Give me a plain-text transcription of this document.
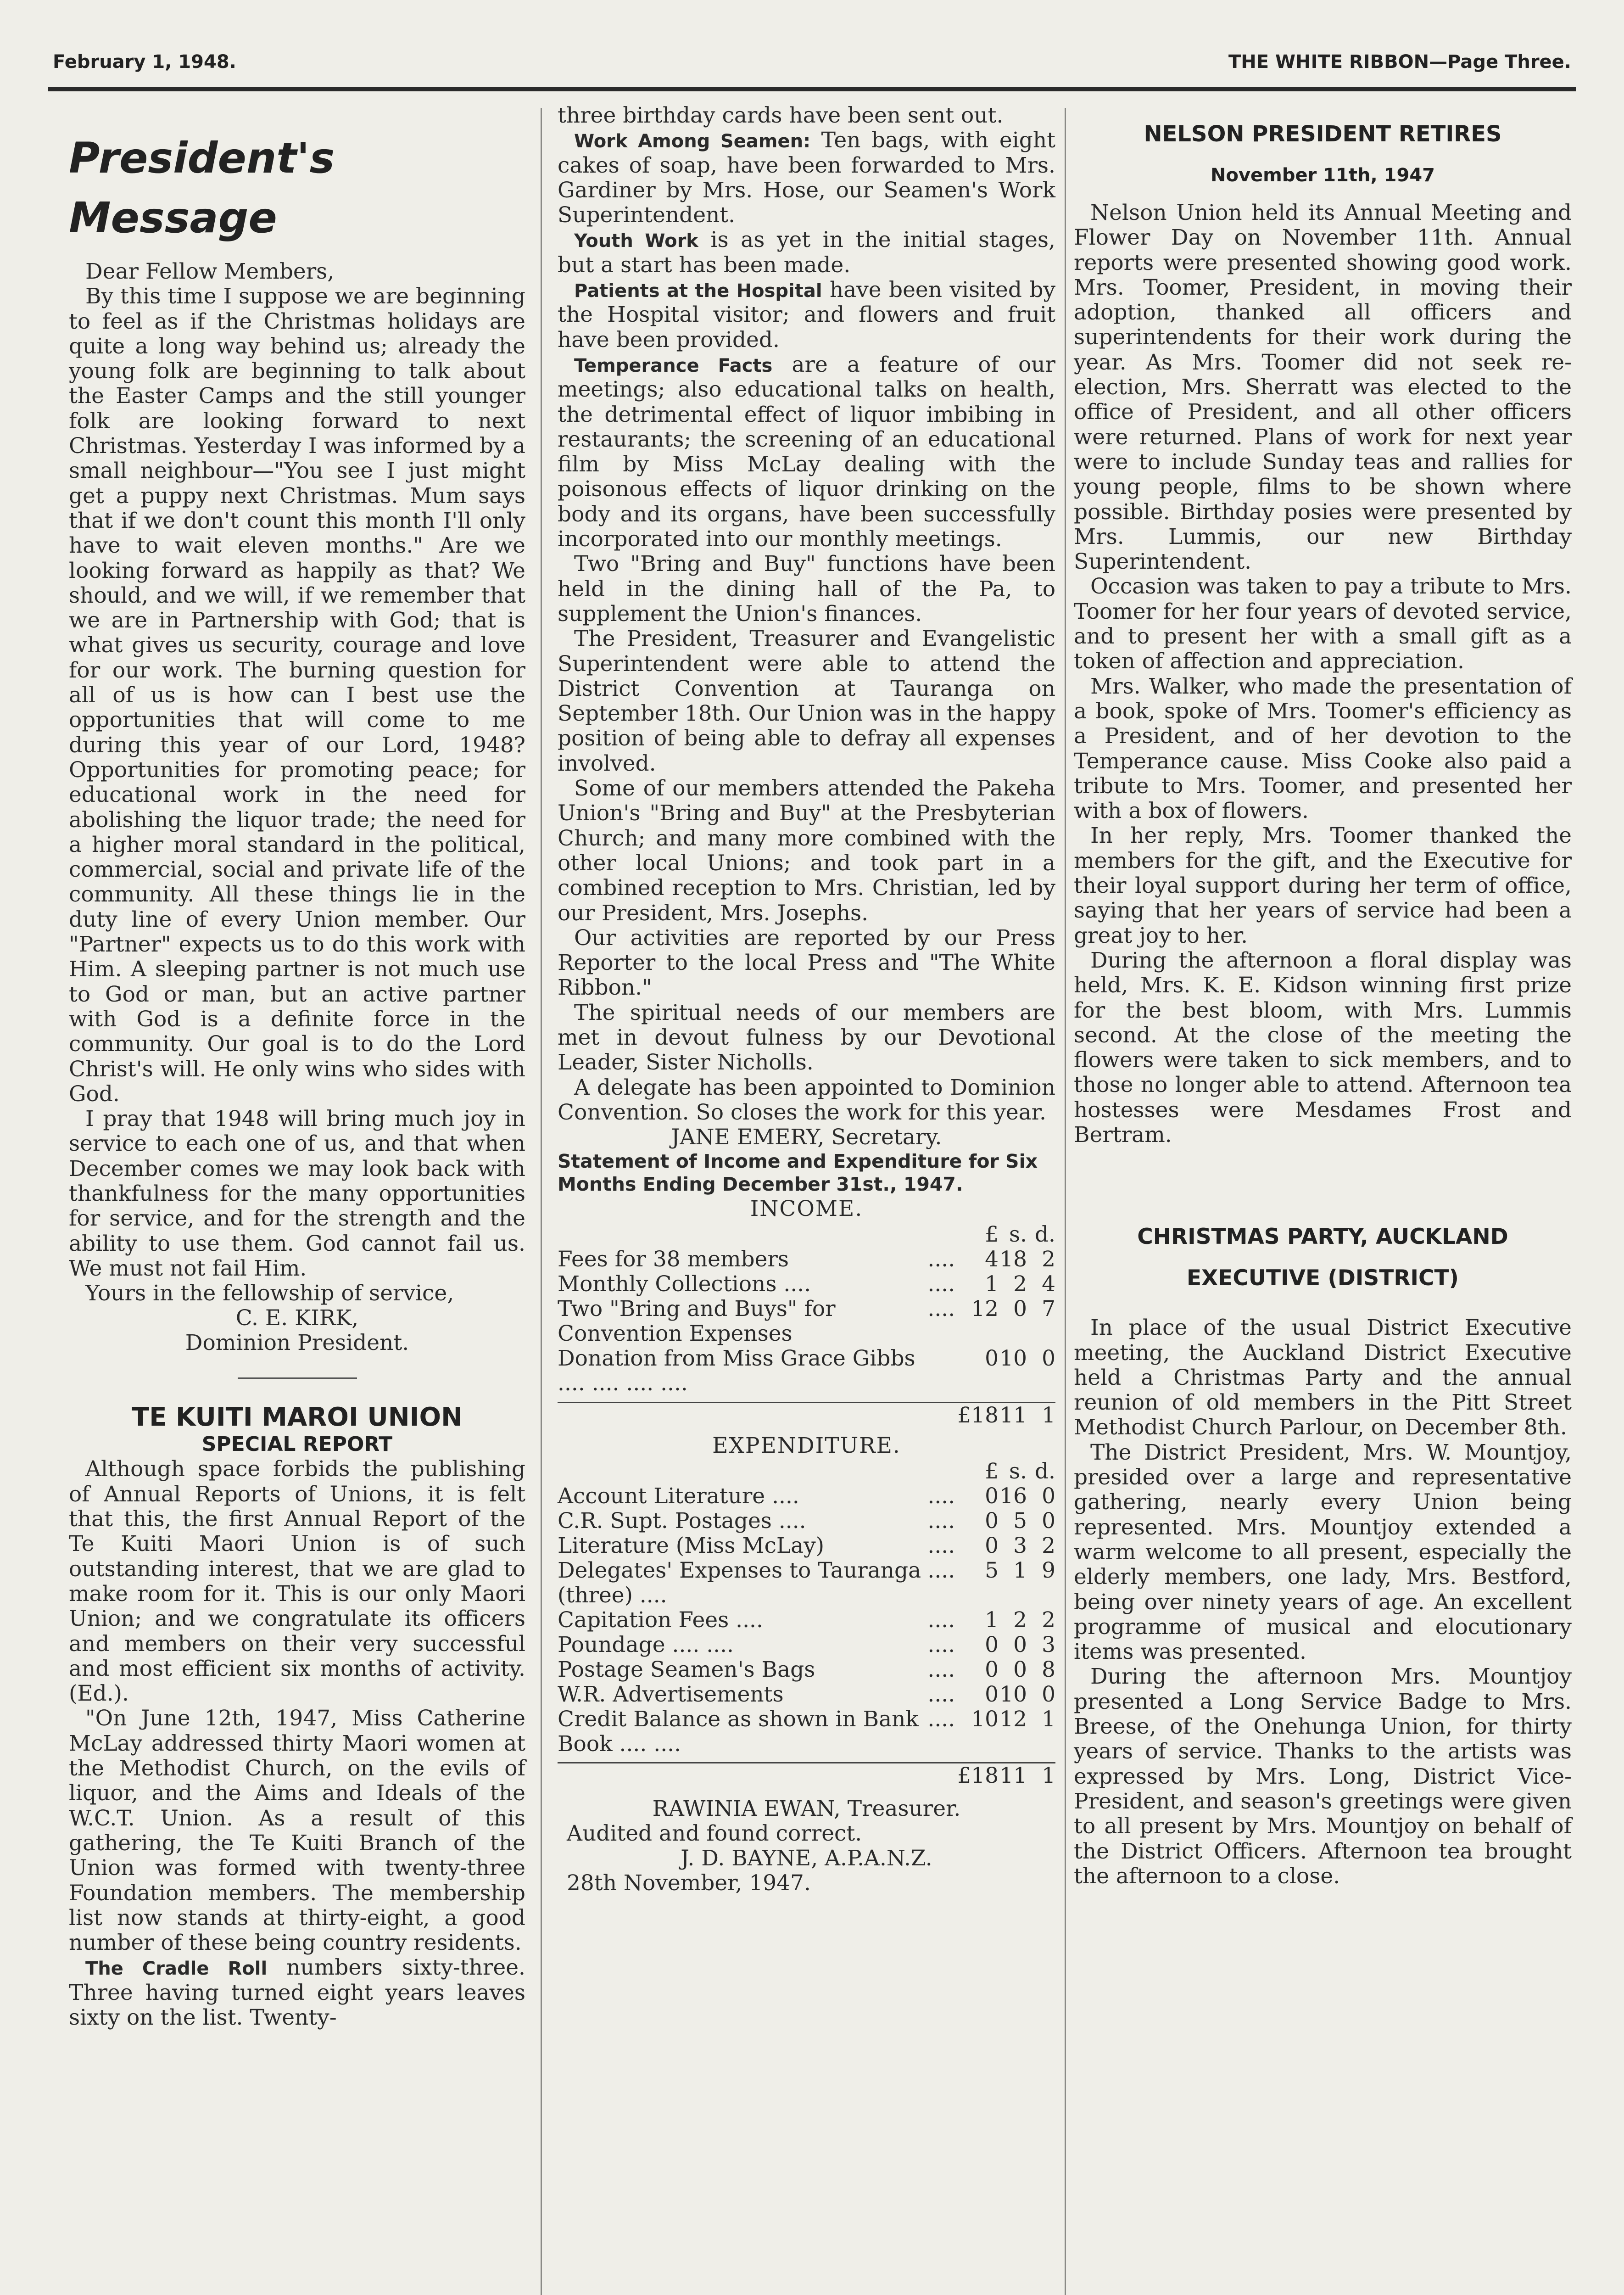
February 1, 1948.	THE WHITE RIBBON—Page Three.
President's Message

Dear Fellow Members,

By this time I suppose we are beginning to feel as if the Christmas holidays are quite a long way behind us; already the young folk are beginning to talk about the Easter Camps and the still younger folk are looking forward to next Christmas. Yesterday I was informed by a small neighbour—"You see I just might get a puppy next Christmas. Mum says that if we don't count this month I'll only have to wait eleven months." Are we looking forward as happily as that? We should, and we will, if we remember that we are in Partnership with God; that is what gives us security, courage and love for our work. The burning question for all of us is how can I best use the opportunities that will come to me during this year of our Lord, 1948? Opportunities for promoting peace; for educational work in the need for abolishing the liquor trade; the need for a higher moral standard in the political, commercial, social and private life of the community. All these things lie in the duty line of every Union member. Our "Partner" expects us to do this work with Him. A sleeping partner is not much use to God or man, but an active partner with God is a definite force in the community. Our goal is to do the Lord Christ's will. He only wins who sides with God.

I pray that 1948 will bring much joy in service to each one of us, and that when December comes we may look back with thankfulness for the many opportunities for service, and for the strength and the ability to use them. God cannot fail us. We must not fail Him.

Yours in the fellowship of service,

C. E. KIRK,
Dominion President.
TE KUITI MAROI UNION
SPECIAL REPORT

Although space forbids the publishing of Annual Reports of Unions, it is felt that this, the first Annual Report of the Te Kuiti Maori Union is of such outstanding interest, that we are glad to make room for it. This is our only Maori Union; and we congratulate its officers and members on their very successful and most efficient six months of activity. (Ed.).

"On June 12th, 1947, Miss Catherine McLay addressed thirty Maori women at the Methodist Church, on the evils of liquor, and the Aims and Ideals of the W.C.T. Union. As a result of this gathering, the Te Kuiti Branch of the Union was formed with twenty-three Foundation members. The membership list now stands at thirty-eight, a good number of these being country residents.

The Cradle Roll numbers sixty-three. Three having turned eight years leaves sixty on the list. Twenty-

three birthday cards have been sent out.

Work Among Seamen: Ten bags, with eight cakes of soap, have been forwarded to Mrs. Gardiner by Mrs. Hose, our Seamen's Work Superintendent.

Youth Work is as yet in the initial stages, but a start has been made.

Patients at the Hospital have been visited by the Hospital visitor; and flowers and fruit have been provided.

Temperance Facts are a feature of our meetings; also educational talks on health, the detrimental effect of liquor imbibing in restaurants; the screening of an educational film by Miss McLay dealing with the poisonous effects of liquor drinking on the body and its organs, have been successfully incorporated into our monthly meetings.

Two "Bring and Buy" functions have been held in the dining hall of the Pa, to supplement the Union's finances.

The President, Treasurer and Evangelistic Superintendent were able to attend the District Convention at Tauranga on September 18th. Our Union was in the happy position of being able to defray all expenses involved.

Some of our members attended the Pakeha Union's "Bring and Buy" at the Presbyterian Church; and many more combined with the other local Unions; and took part in a combined reception to Mrs. Christian, led by our President, Mrs. Josephs.

Our activities are reported by our Press Reporter to the local Press and "The White Ribbon."

The spiritual needs of our members are met in devout fulness by our Devotional Leader, Sister Nicholls.

A delegate has been appointed to Dominion Convention. So closes the work for this year.

JANE EMERY, Secretary.
Statement of Income and Expenditure for Six Months Ending December 31st., 1947.
INCOME.
		£	s.	d.
Fees for 38 members	....	4	18	2
Monthly Collections ....	....	1	2	4
Two "Bring and Buys" for Convention Expenses	....	12	0	7
Donation from Miss Grace Gibbs .... .... .... ....		0	10	0

		£18	11	1
EXPENDITURE.
		£	s.	d.
Account Literature ....	....	0	16	0
C.R. Supt. Postages ....	....	0	5	0
Literature (Miss McLay)	....	0	3	2
Delegates' Expenses to Tauranga (three) ....	....	5	1	9
Capitation Fees ....	....	1	2	2
Poundage .... ....	....	0	0	3
Postage Seamen's Bags	....	0	0	8
W.R. Advertisements	....	0	10	0
Credit Balance as shown in Bank Book .... ....	....	10	12	1

		£18	11	1
RAWINIA EWAN, Treasurer.

Audited and found correct.

J. D. BAYNE, A.P.A.N.Z.

28th November, 1947.

NELSON PRESIDENT RETIRES
November 11th, 1947

Nelson Union held its Annual Meeting and Flower Day on November 11th. Annual reports were presented showing good work. Mrs. Toomer, President, in moving their adoption, thanked all officers and superintendents for their work during the year. As Mrs. Toomer did not seek re-election, Mrs. Sherratt was elected to the office of President, and all other officers were returned. Plans of work for next year were to include Sunday teas and rallies for young people, films to be shown where possible. Birthday posies were presented by Mrs. Lummis, our new Birthday Superintendent.

Occasion was taken to pay a tribute to Mrs. Toomer for her four years of devoted service, and to present her with a small gift as a token of affection and appreciation.

Mrs. Walker, who made the presentation of a book, spoke of Mrs. Toomer's efficiency as a President, and of her devotion to the Temperance cause. Miss Cooke also paid a tribute to Mrs. Toomer, and presented her with a box of flowers.

In her reply, Mrs. Toomer thanked the members for the gift, and the Executive for their loyal support during her term of office, saying that her years of service had been a great joy to her.

During the afternoon a floral display was held, Mrs. K. E. Kidson winning first prize for the best bloom, with Mrs. Lummis second. At the close of the meeting the flowers were taken to sick members, and to those no longer able to attend. Afternoon tea hostesses were Mesdames Frost and Bertram.

CHRISTMAS PARTY, AUCKLAND
EXECUTIVE (DISTRICT)

In place of the usual District Executive meeting, the Auckland District Executive held a Christmas Party and the annual reunion of old members in the Pitt Street Methodist Church Parlour, on December 8th.

The District President, Mrs. W. Mountjoy, presided over a large and representative gathering, nearly every Union being represented. Mrs. Mountjoy extended a warm welcome to all present, especially the elderly members, one lady, Mrs. Bestford, being over ninety years of age. An excellent programme of musical and elocutionary items was presented.

During the afternoon Mrs. Mountjoy presented a Long Service Badge to Mrs. Breese, of the Onehunga Union, for thirty years of service. Thanks to the artists was expressed by Mrs. Long, District Vice-President, and season's greetings were given to all present by Mrs. Mountjoy on behalf of the District Officers. Afternoon tea brought the afternoon to a close.
